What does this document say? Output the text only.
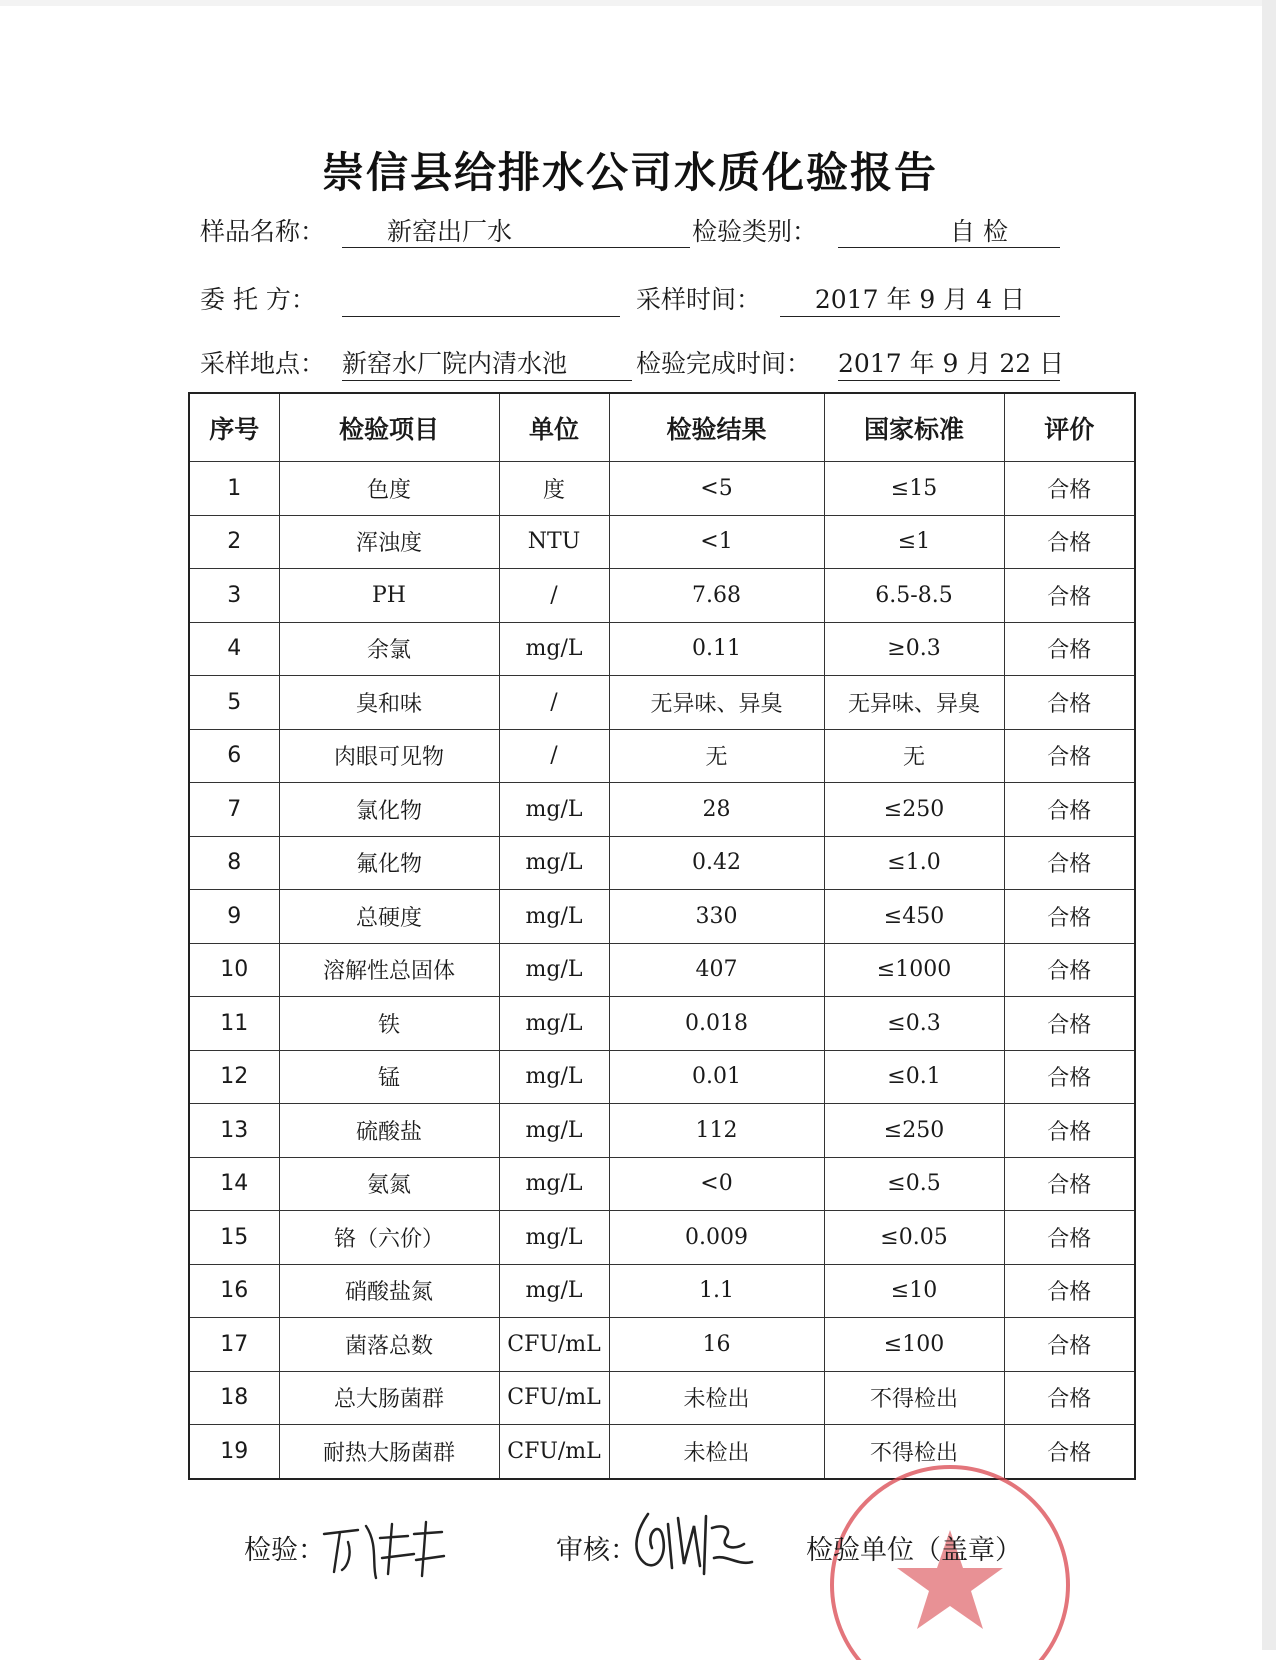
崇信县给排水公司水质化验报告
样品名称：	新窑出厂水	检验类别：	自 检
委 托 方：	采样时间：	2017 年 9 月 4 日
采样地点： 新窑水厂院内清水池	检验完成时间： 2017 年 9 月 22 日
序号	检验项目	单位	检验结果	国家标准	评价
1	色度	度	<5	≤15	合格
2	浑浊度	NTU	<1	≤1	合格
3	PH	/	7.68	6.5-8.5	合格
4	余氯	mg/L	0.11	≥0.3	合格
5	臭和味	/	无异味、异臭	无异味、异臭	合格
6	肉眼可见物	/	无	无	合格
7	氯化物	mg/L	28	≤250	合格
8	氟化物	mg/L	0.42	≤1.0	合格
9	总硬度	mg/L	330	≤450	合格
10	溶解性总固体	mg/L	407	≤1000	合格
11	铁	mg/L	0.018	≤0.3	合格
12	锰	mg/L	0.01	≤0.1	合格
13	硫酸盐	mg/L	112	≤250	合格
14	氨氮	mg/L	<0	≤0.5	合格
15	铬（六价）	mg/L	0.009	≤0.05	合格
16	硝酸盐氮	mg/L	1.1	≤10	合格
17	菌落总数	CFU/mL	16	≤100	合格
18	总大肠菌群	CFU/mL	未检出	不得检出	合格
19	耐热大肠菌群	CFU/mL	未检出	不得检出	合格
检验：	审核：	检验单位（盖章）
